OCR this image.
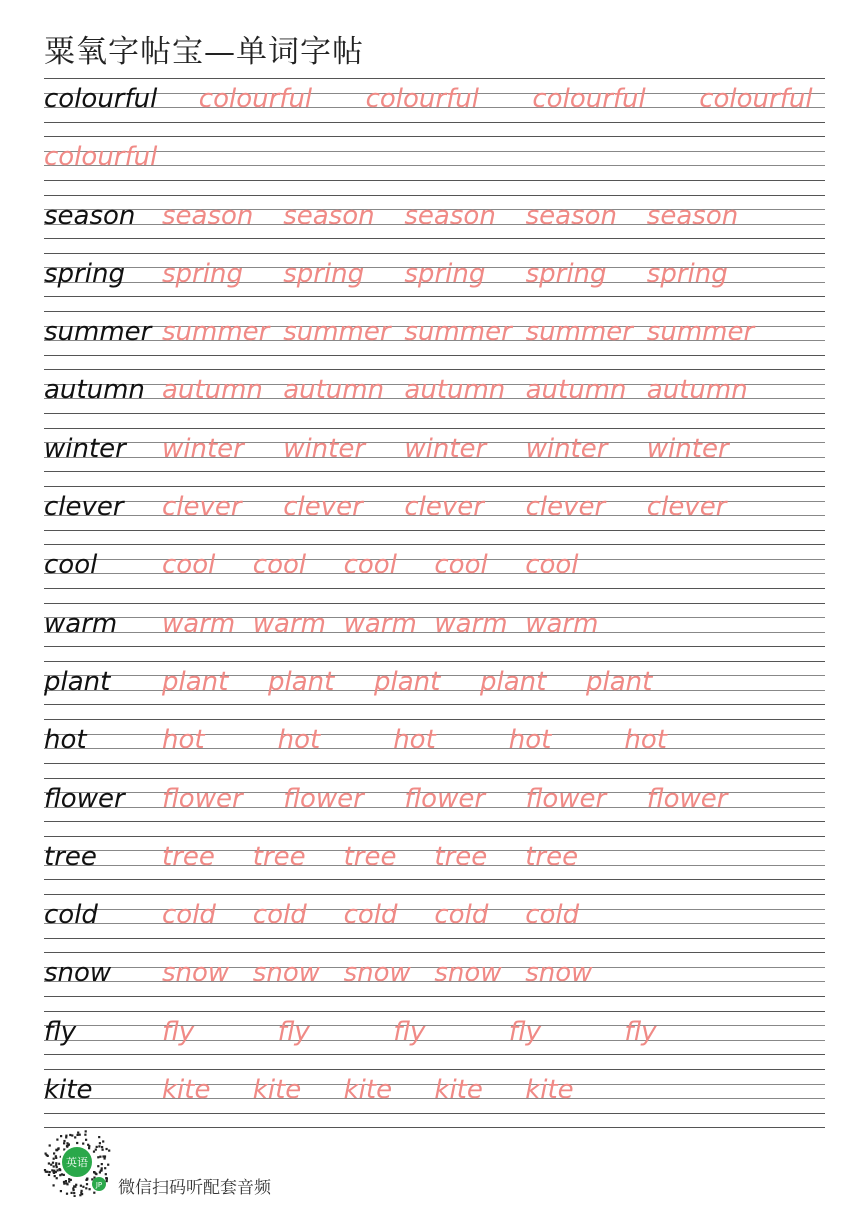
粟氧字帖宝—单词字帖
colourful colourful colourful colourful colourful
colourful
season season season season season season
spring spring spring spring spring spring
summer summer summer summer summer summer
autumn autumn autumn autumn autumn autumn
winter winter winter winter winter winter
clever clever clever clever clever clever
cool cool cool cool cool cool
warm warm warm warm warm warm
plant plant plant plant plant plant
hot	hot	hot	hot	hot	hot
flower flower flower flower flower flower
tree	tree tree tree tree tree
cold cold cold cold cold cold
snow snow snow snow snow snow
fly	fly	fly	fly	fly	fly
kite	kite kite kite kite kite
英语
JP 微信扫码听配套音频
